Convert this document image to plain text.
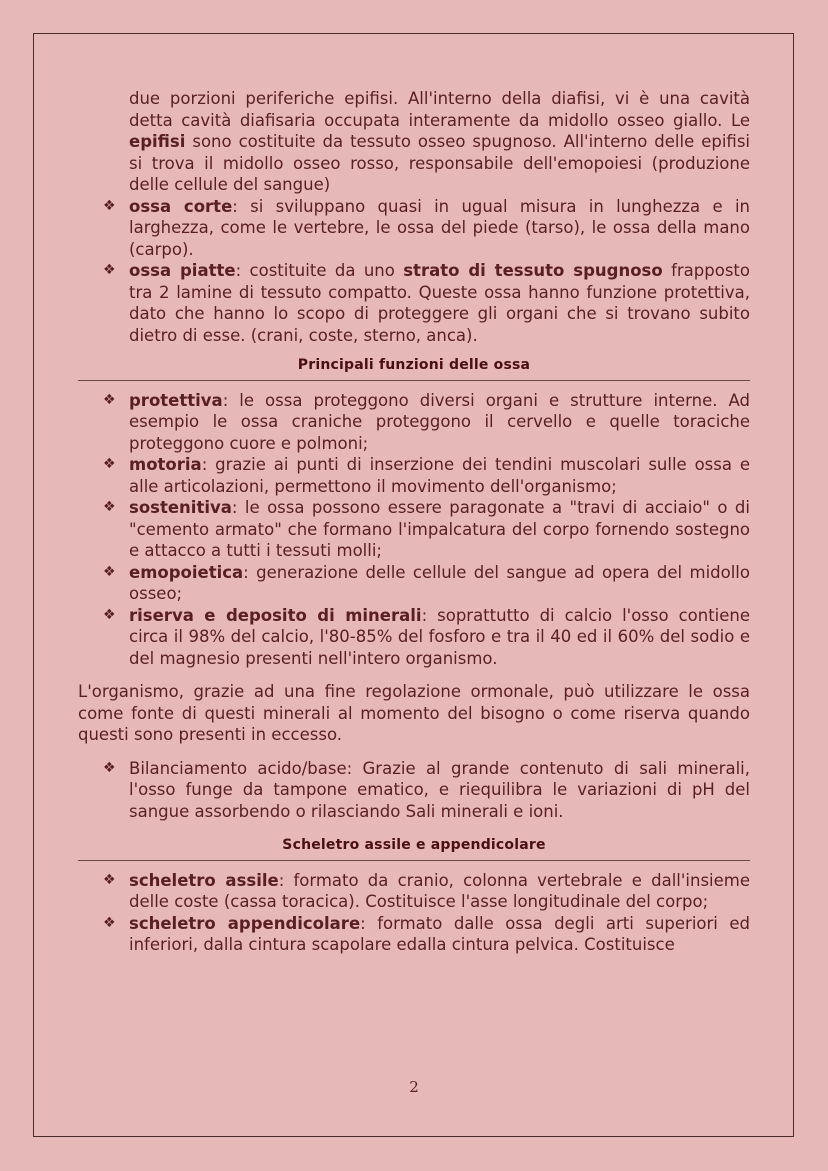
due porzioni periferiche epifisi. All'interno della diafisi, vi è una cavità detta cavità diafisaria occupata interamente da midollo osseo giallo. Le epifisi sono costituite da tessuto osseo spugnoso. All'interno delle epifisi si trova il midollo osseo rosso, responsabile dell'emopoiesi (produzione delle cellule del sangue)

❖ ossa corte: si sviluppano quasi in ugual misura in lunghezza e in larghezza, come le vertebre, le ossa del piede (tarso), le ossa della mano (carpo).
❖ ossa piatte: costituite da uno strato di tessuto spugnoso frapposto tra 2 lamine di tessuto compatto. Queste ossa hanno funzione protettiva, dato che hanno lo scopo di proteggere gli organi che si trovano subito dietro di esse. (crani, coste, sterno, anca).
Principali funzioni delle ossa
❖ protettiva: le ossa proteggono diversi organi e strutture interne. Ad esempio le ossa craniche proteggono il cervello e quelle toraciche proteggono cuore e polmoni;
❖ motoria: grazie ai punti di inserzione dei tendini muscolari sulle ossa e alle articolazioni, permettono il movimento dell'organismo;
❖ sostenitiva: le ossa possono essere paragonate a "travi di acciaio" o di "cemento armato" che formano l'impalcatura del corpo fornendo sostegno e attacco a tutti i tessuti molli;
❖ emopoietica: generazione delle cellule del sangue ad opera del midollo osseo;
❖ riserva e deposito di minerali: soprattutto di calcio l'osso contiene circa il 98% del calcio, l'80-85% del fosforo e tra il 40 ed il 60% del sodio e del magnesio presenti nell'intero organismo.

L'organismo, grazie ad una fine regolazione ormonale, può utilizzare le ossa come fonte di questi minerali al momento del bisogno o come riserva quando questi sono presenti in eccesso.

❖ Bilanciamento acido/base: Grazie al grande contenuto di sali minerali, l'osso funge da tampone ematico, e riequilibra le variazioni di pH del sangue assorbendo o rilasciando Sali minerali e ioni.
Scheletro assile e appendicolare
❖ scheletro assile: formato da cranio, colonna vertebrale e dall'insieme delle coste (cassa toracica). Costituisce l'asse longitudinale del corpo;
❖ scheletro appendicolare: formato dalle ossa degli arti superiori ed inferiori, dalla cintura scapolare edalla cintura pelvica. Costituisce
2
